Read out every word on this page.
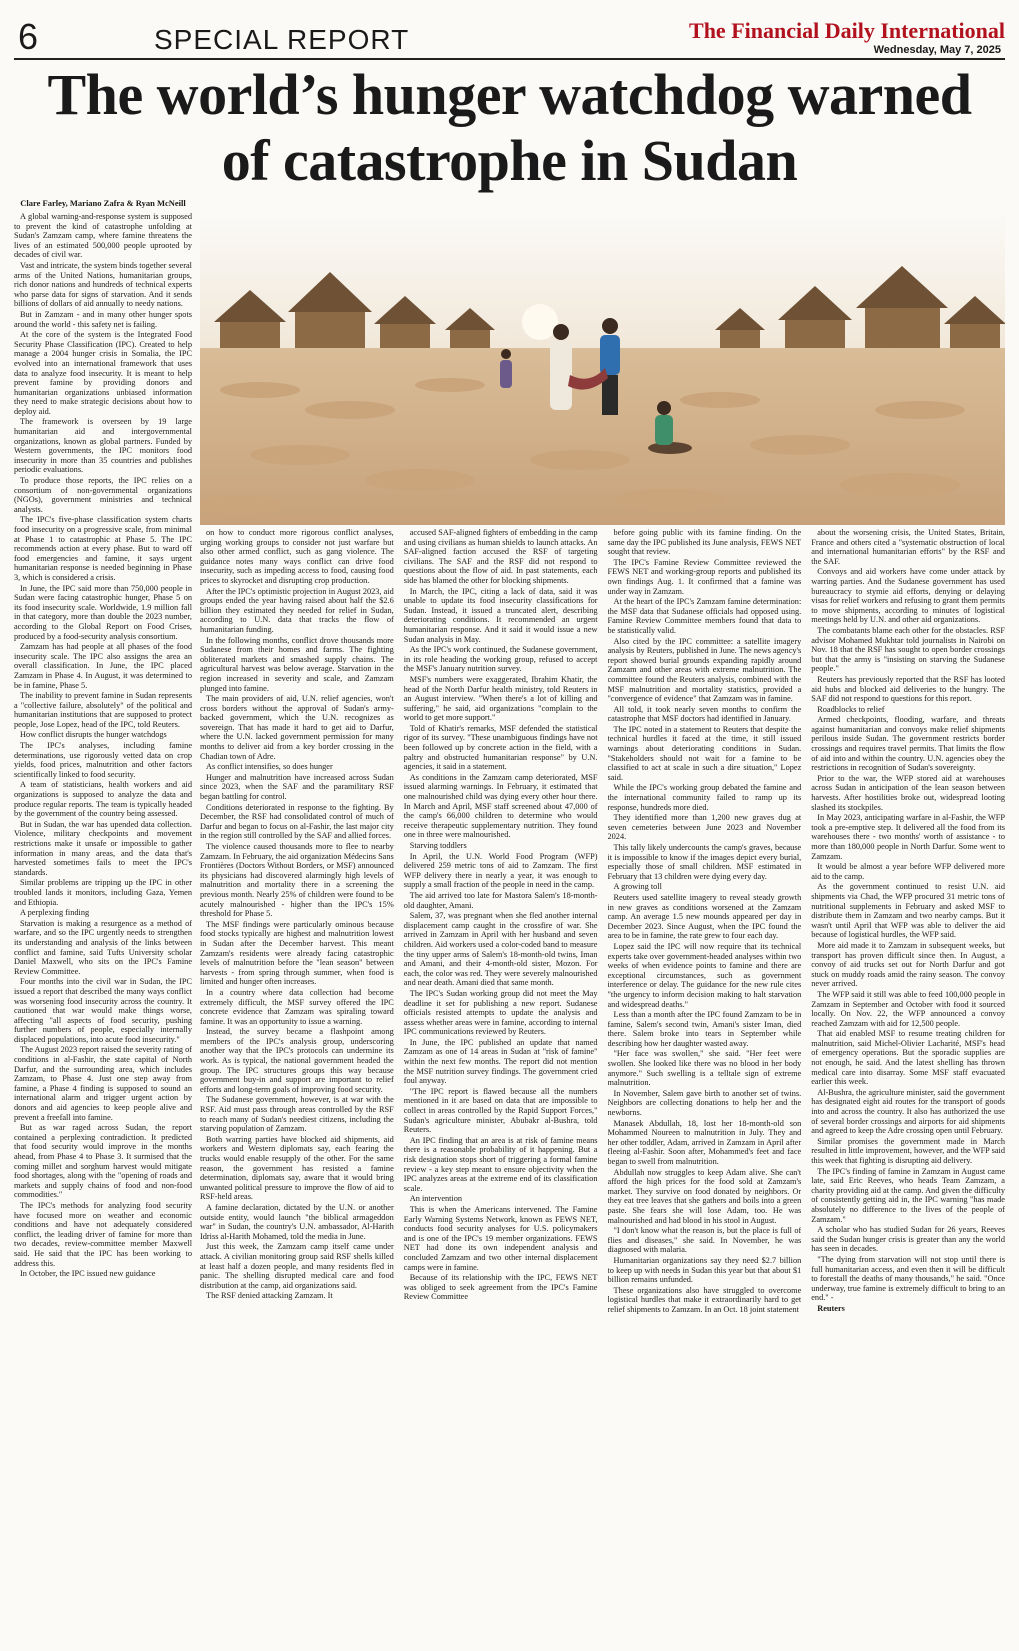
6	SPECIAL REPORT	The Financial Daily International
Wednesday, May 7, 2025
The world’s hunger watchdog warned
of catastrophe in Sudan
Clare Farley, Mariano Zafra & Ryan McNeill

A global warning-and-response system is supposed to prevent the kind of catastrophe unfolding at Sudan's Zamzam camp, where famine threatens the lives of an estimated 500,000 people uprooted by decades of civil war.

Vast and intricate, the system binds together several arms of the United Nations, humanitarian groups, rich donor nations and hundreds of technical experts who parse data for signs of starvation. And it sends billions of dollars of aid annually to needy nations.

But in Zamzam - and in many other hunger spots around the world - this safety net is failing.

At the core of the system is the Integrated Food Security Phase Classification (IPC). Created to help manage a 2004 hunger crisis in Somalia, the IPC evolved into an international framework that uses data to analyze food insecurity. It is meant to help prevent famine by providing donors and humanitarian organizations unbiased information they need to make strategic decisions about how to deploy aid.

The framework is overseen by 19 large humanitarian aid and intergovernmental organizations, known as global partners. Funded by Western governments, the IPC monitors food insecurity in more than 35 countries and publishes periodic evaluations.

To produce those reports, the IPC relies on a consortium of non-governmental organizations (NGOs), government ministries and technical analysts.

The IPC's five-phase classification system charts food insecurity on a progressive scale, from minimal at Phase 1 to catastrophic at Phase 5. The IPC recommends action at every phase. But to ward off food emergencies and famine, it says urgent humanitarian response is needed beginning in Phase 3, which is considered a crisis.

In June, the IPC said more than 750,000 people in Sudan were facing catastrophic hunger, Phase 5 on its food insecurity scale. Worldwide, 1.9 million fall in that category, more than double the 2023 number, according to the Global Report on Food Crises, produced by a food-security analysis consortium.

Zamzam has had people at all phases of the food insecurity scale. The IPC also assigns the area an overall classification. In June, the IPC placed Zamzam in Phase 4. In August, it was determined to be in famine, Phase 5.

The inability to prevent famine in Sudan represents a "collective failure, absolutely" of the political and humanitarian institutions that are supposed to protect people, Jose Lopez, head of the IPC, told Reuters.

How conflict disrupts the hunger watchdogs

The IPC's analyses, including famine determinations, use rigorously vetted data on crop yields, food prices, malnutrition and other factors scientifically linked to food security.

A team of statisticians, health workers and aid organizations is supposed to analyze the data and produce regular reports. The team is typically headed by the government of the country being assessed.

But in Sudan, the war has upended data collection. Violence, military checkpoints and movement restrictions make it unsafe or impossible to gather information in many areas, and the data that's harvested sometimes fails to meet the IPC's standards.

Similar problems are tripping up the IPC in other troubled lands it monitors, including Gaza, Yemen and Ethiopia.

A perplexing finding

Starvation is making a resurgence as a method of warfare, and so the IPC urgently needs to strengthen its understanding and analysis of the links between conflict and famine, said Tufts University scholar Daniel Maxwell, who sits on the IPC's Famine Review Committee.

Four months into the civil war in Sudan, the IPC issued a report that described the many ways conflict was worsening food insecurity across the country. It cautioned that war would make things worse, affecting "all aspects of food security, pushing further numbers of people, especially internally displaced populations, into acute food insecurity."

The August 2023 report raised the severity rating of conditions in al-Fashir, the state capital of North Darfur, and the surrounding area, which includes Zamzam, to Phase 4. Just one step away from famine, a Phase 4 finding is supposed to sound an international alarm and trigger urgent action by donors and aid agencies to keep people alive and prevent a freefall into famine.

But as war raged across Sudan, the report contained a perplexing contradiction. It predicted that food security would improve in the months ahead, from Phase 4 to Phase 3. It surmised that the coming millet and sorghum harvest would mitigate food shortages, along with the "opening of roads and markets and supply chains of food and non-food commodities."

The IPC's methods for analyzing food security have focused more on weather and economic conditions and have not adequately considered conflict, the leading driver of famine for more than two decades, review-committee member Maxwell said. He said that the IPC has been working to address this.

In October, the IPC issued new guidance

on how to conduct more rigorous conflict analyses, urging working groups to consider not just warfare but also other armed conflict, such as gang violence. The guidance notes many ways conflict can drive food insecurity, such as impeding access to food, causing food prices to skyrocket and disrupting crop production.

After the IPC's optimistic projection in August 2023, aid groups ended the year having raised about half the $2.6 billion they estimated they needed for relief in Sudan, according to U.N. data that tracks the flow of humanitarian funding.

In the following months, conflict drove thousands more Sudanese from their homes and farms. The fighting obliterated markets and smashed supply chains. The agricultural harvest was below average. Starvation in the region increased in severity and scale, and Zamzam plunged into famine.

The main providers of aid, U.N. relief agencies, won't cross borders without the approval of Sudan's army-backed government, which the U.N. recognizes as sovereign. That has made it hard to get aid to Darfur, where the U.N. lacked government permission for many months to deliver aid from a key border crossing in the Chadian town of Adre.

As conflict intensifies, so does hunger

Hunger and malnutrition have increased across Sudan since 2023, when the SAF and the paramilitary RSF began battling for control.

Conditions deteriorated in response to the fighting. By December, the RSF had consolidated control of much of Darfur and began to focus on al-Fashir, the last major city in the region still controlled by the SAF and allied forces.

The violence caused thousands more to flee to nearby Zamzam. In February, the aid organization Médecins Sans Frontières (Doctors Without Borders, or MSF) announced its physicians had discovered alarmingly high levels of malnutrition and mortality there in a screening the previous month. Nearly 25% of children were found to be acutely malnourished - higher than the IPC's 15% threshold for Phase 5.

The MSF findings were particularly ominous because food stocks typically are highest and malnutrition lowest in Sudan after the December harvest. This meant Zamzam's residents were already facing catastrophic levels of malnutrition before the "lean season" between harvests - from spring through summer, when food is limited and hunger often increases.

In a country where data collection had become extremely difficult, the MSF survey offered the IPC concrete evidence that Zamzam was spiraling toward famine. It was an opportunity to issue a warning.

Instead, the survey became a flashpoint among members of the IPC's analysis group, underscoring another way that the IPC's protocols can undermine its work. As is typical, the national government headed the group. The IPC structures groups this way because government buy-in and support are important to relief efforts and long-term goals of improving food security.

The Sudanese government, however, is at war with the RSF. Aid must pass through areas controlled by the RSF to reach many of Sudan's neediest citizens, including the starving population of Zamzam.

Both warring parties have blocked aid shipments, aid workers and Western diplomats say, each fearing the trucks would enable resupply of the other. For the same reason, the government has resisted a famine determination, diplomats say, aware that it would bring unwanted political pressure to improve the flow of aid to RSF-held areas.

A famine declaration, dictated by the U.N. or another outside entity, would launch "the biblical armageddon war" in Sudan, the country's U.N. ambassador, Al-Harith Idriss al-Harith Mohamed, told the media in June.

Just this week, the Zamzam camp itself came under attack. A civilian monitoring group said RSF shells killed at least half a dozen people, and many residents fled in panic. The shelling disrupted medical care and food distribution at the camp, aid organizations said.

The RSF denied attacking Zamzam. It

accused SAF-aligned fighters of embedding in the camp and using civilians as human shields to launch attacks. An SAF-aligned faction accused the RSF of targeting civilians. The SAF and the RSF did not respond to questions about the flow of aid. In past statements, each side has blamed the other for blocking shipments.

In March, the IPC, citing a lack of data, said it was unable to update its food insecurity classifications for Sudan. Instead, it issued a truncated alert, describing deteriorating conditions. It recommended an urgent humanitarian response. And it said it would issue a new Sudan analysis in May.

As the IPC's work continued, the Sudanese government, in its role heading the working group, refused to accept the MSF's January nutrition survey.

MSF's numbers were exaggerated, Ibrahim Khatir, the head of the North Darfur health ministry, told Reuters in an August interview. "When there's a lot of killing and suffering," he said, aid organizations "complain to the world to get more support."

Told of Khatir's remarks, MSF defended the statistical rigor of its survey. "These unambiguous findings have not been followed up by concrete action in the field, with a paltry and obstructed humanitarian response" by U.N. agencies, it said in a statement.

As conditions in the Zamzam camp deteriorated, MSF issued alarming warnings. In February, it estimated that one malnourished child was dying every other hour there. In March and April, MSF staff screened about 47,000 of the camp's 66,000 children to determine who would receive therapeutic supplementary nutrition. They found one in three were malnourished.

Starving toddlers

In April, the U.N. World Food Program (WFP) delivered 259 metric tons of aid to Zamzam. The first WFP delivery there in nearly a year, it was enough to supply a small fraction of the people in need in the camp.

The aid arrived too late for Mastora Salem's 18-month-old daughter, Amani.

Salem, 37, was pregnant when she fled another internal displacement camp caught in the crossfire of war. She arrived in Zamzam in April with her husband and seven children. Aid workers used a color-coded band to measure the tiny upper arms of Salem's 18-month-old twins, Iman and Amani, and their 4-month-old sister, Mozon. For each, the color was red. They were severely malnourished and near death. Amani died that same month.

The IPC's Sudan working group did not meet the May deadline it set for publishing a new report. Sudanese officials resisted attempts to update the analysis and assess whether areas were in famine, according to internal IPC communications reviewed by Reuters.

In June, the IPC published an update that named Zamzam as one of 14 areas in Sudan at "risk of famine" within the next few months. The report did not mention the MSF nutrition survey findings. The government cried foul anyway.

"The IPC report is flawed because all the numbers mentioned in it are based on data that are impossible to collect in areas controlled by the Rapid Support Forces," Sudan's agriculture minister, Abubakr al-Bushra, told Reuters.

An IPC finding that an area is at risk of famine means there is a reasonable probability of it happening. But a risk designation stops short of triggering a formal famine review - a key step meant to ensure objectivity when the IPC analyzes areas at the extreme end of its classification scale.

An intervention

This is when the Americans intervened. The Famine Early Warning Systems Network, known as FEWS NET, conducts food security analyses for U.S. policymakers and is one of the IPC's 19 member organizations. FEWS NET had done its own independent analysis and concluded Zamzam and two other internal displacement camps were in famine.

Because of its relationship with the IPC, FEWS NET was obliged to seek agreement from the IPC's Famine Review Committee

before going public with its famine finding. On the same day the IPC published its June analysis, FEWS NET sought that review.

The IPC's Famine Review Committee reviewed the FEWS NET and working-group reports and published its own findings Aug. 1. It confirmed that a famine was under way in Zamzam.

At the heart of the IPC's Zamzam famine determination: the MSF data that Sudanese officials had opposed using. Famine Review Committee members found that data to be statistically valid.

Also cited by the IPC committee: a satellite imagery analysis by Reuters, published in June. The news agency's report showed burial grounds expanding rapidly around Zamzam and other areas with extreme malnutrition. The committee found the Reuters analysis, combined with the MSF malnutrition and mortality statistics, provided a "convergence of evidence" that Zamzam was in famine.

All told, it took nearly seven months to confirm the catastrophe that MSF doctors had identified in January.

The IPC noted in a statement to Reuters that despite the technical hurdles it faced at the time, it still issued warnings about deteriorating conditions in Sudan. "Stakeholders should not wait for a famine to be classified to act at scale in such a dire situation," Lopez said.

While the IPC's working group debated the famine and the international community failed to ramp up its response, hundreds more died.

They identified more than 1,200 new graves dug at seven cemeteries between June 2023 and November 2024.

This tally likely undercounts the camp's graves, because it is impossible to know if the images depict every burial, especially those of small children. MSF estimated in February that 13 children were dying every day.

A growing toll

Reuters used satellite imagery to reveal steady growth in new graves as conditions worsened at the Zamzam camp. An average 1.5 new mounds appeared per day in December 2023. Since August, when the IPC found the area to be in famine, the rate grew to four each day.

Lopez said the IPC will now require that its technical experts take over government-headed analyses within two weeks of when evidence points to famine and there are exceptional circumstances, such as government interference or delay. The guidance for the new rule cites "the urgency to inform decision making to halt starvation and widespread deaths."

Less than a month after the IPC found Zamzam to be in famine, Salem's second twin, Amani's sister Iman, died there. Salem broke into tears in September while describing how her daughter wasted away.

"Her face was swollen," she said. "Her feet were swollen. She looked like there was no blood in her body anymore." Such swelling is a telltale sign of extreme malnutrition.

In November, Salem gave birth to another set of twins. Neighbors are collecting donations to help her and the newborns.

Manasek Abdullah, 18, lost her 18-month-old son Mohammed Noureen to malnutrition in July. They and her other toddler, Adam, arrived in Zamzam in April after fleeing al-Fashir. Soon after, Mohammed's feet and face began to swell from malnutrition.

Abdullah now struggles to keep Adam alive. She can't afford the high prices for the food sold at Zamzam's market. They survive on food donated by neighbors. Or they eat tree leaves that she gathers and boils into a green paste. She fears she will lose Adam, too. He was malnourished and had blood in his stool in August.

"I don't know what the reason is, but the place is full of flies and diseases," she said. In November, he was diagnosed with malaria.

Humanitarian organizations say they need $2.7 billion to keep up with needs in Sudan this year but that about $1 billion remains unfunded.

These organizations also have struggled to overcome logistical hurdles that make it extraordinarily hard to get relief shipments to Zamzam. In an Oct. 18 joint statement

about the worsening crisis, the United States, Britain, France and others cited a "systematic obstruction of local and international humanitarian efforts" by the RSF and the SAF.

Convoys and aid workers have come under attack by warring parties. And the Sudanese government has used bureaucracy to stymie aid efforts, denying or delaying visas for relief workers and refusing to grant them permits to move shipments, according to minutes of logistical meetings held by U.N. and other aid organizations.

The combatants blame each other for the obstacles. RSF advisor Mohamed Mukhtar told journalists in Nairobi on Nov. 18 that the RSF has sought to open border crossings but that the army is "insisting on starving the Sudanese people."

Reuters has previously reported that the RSF has looted aid hubs and blocked aid deliveries to the hungry. The SAF did not respond to questions for this report.

Roadblocks to relief

Armed checkpoints, flooding, warfare, and threats against humanitarian and convoys make relief shipments perilous inside Sudan. The government restricts border crossings and requires travel permits. That limits the flow of aid into and within the country. U.N. agencies obey the restrictions in recognition of Sudan's sovereignty.

Prior to the war, the WFP stored aid at warehouses across Sudan in anticipation of the lean season between harvests. After hostilities broke out, widespread looting slashed its stockpiles.

In May 2023, anticipating warfare in al-Fashir, the WFP took a pre-emptive step. It delivered all the food from its warehouses there - two months' worth of assistance - to more than 180,000 people in North Darfur. Some went to Zamzam.

It would be almost a year before WFP delivered more aid to the camp.

As the government continued to resist U.N. aid shipments via Chad, the WFP procured 31 metric tons of nutritional supplements in February and asked MSF to distribute them in Zamzam and two nearby camps. But it wasn't until April that WFP was able to deliver the aid because of logistical hurdles, the WFP said.

More aid made it to Zamzam in subsequent weeks, but transport has proven difficult since then. In August, a convoy of aid trucks set out for North Darfur and got stuck on muddy roads amid the rainy season. The convoy never arrived.

The WFP said it still was able to feed 100,000 people in Zamzam in September and October with food it sourced locally. On Nov. 22, the WFP announced a convoy reached Zamzam with aid for 12,500 people.

That aid enabled MSF to resume treating children for malnutrition, said Michel-Olivier Lacharité, MSF's head of emergency operations. But the sporadic supplies are not enough, he said. And the latest shelling has thrown medical care into disarray. Some MSF staff evacuated earlier this week.

Al-Bushra, the agriculture minister, said the government has designated eight aid routes for the transport of goods into and across the country. It also has authorized the use of several border crossings and airports for aid shipments and agreed to keep the Adre crossing open until February.

Similar promises the government made in March resulted in little improvement, however, and the WFP said this week that fighting is disrupting aid delivery.

The IPC's finding of famine in Zamzam in August came late, said Eric Reeves, who heads Team Zamzam, a charity providing aid at the camp. And given the difficulty of consistently getting aid in, the IPC warning "has made absolutely no difference to the lives of the people of Zamzam."

A scholar who has studied Sudan for 26 years, Reeves said the Sudan hunger crisis is greater than any the world has seen in decades.

"The dying from starvation will not stop until there is full humanitarian access, and even then it will be difficult to forestall the deaths of many thousands," he said. "Once underway, true famine is extremely difficult to bring to an end." -

Reuters
